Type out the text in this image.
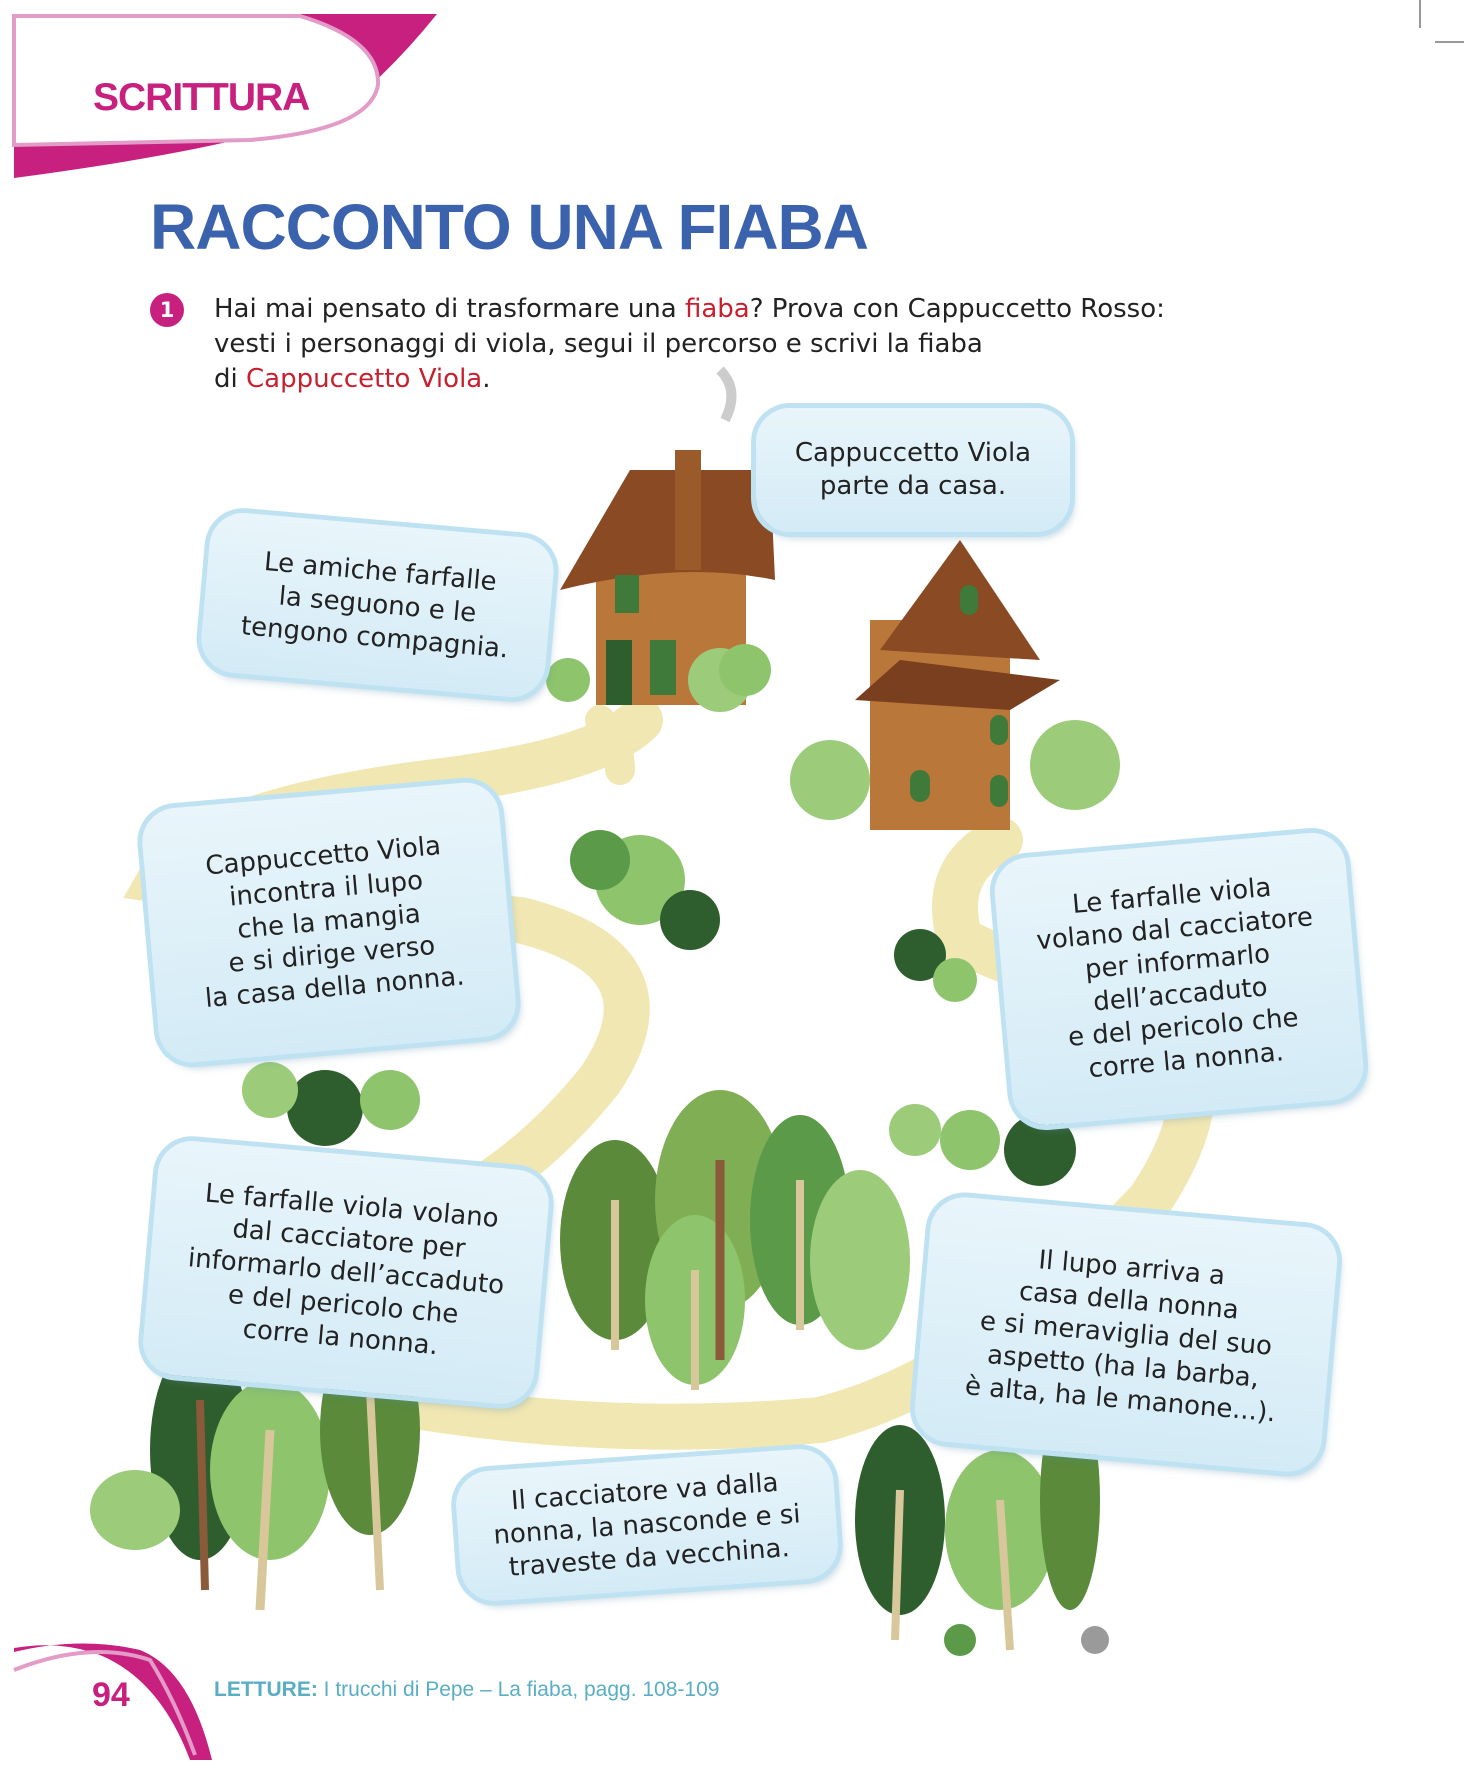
SCRITTURA
RACCONTO UNA FIABA
1	Hai mai pensato di trasformare una fiaba? Prova con Cappuccetto Rosso:
vesti i personaggi di viola, segui il percorso e scrivi la fiaba
di Cappuccetto Viola.
Cappuccetto Viola
parte da casa.
Le amiche farfalle
la seguono e le
tengono compagnia.
Cappuccetto Viola
incontra il lupo
che la mangia
e si dirige verso
la casa della nonna.
Le farfalle viola
volano dal cacciatore
per informarlo
dell’accaduto
e del pericolo che
corre la nonna.
Le farfalle viola volano
dal cacciatore per
informarlo dell’accaduto
e del pericolo che
corre la nonna.
Il lupo arriva a
casa della nonna
e si meraviglia del suo
aspetto (ha la barba,
è alta, ha le manone...).
Il cacciatore va dalla
nonna, la nasconde e si
traveste da vecchina.
94	LETTURE: I trucchi di Pepe – La fiaba, pagg. 108-109
